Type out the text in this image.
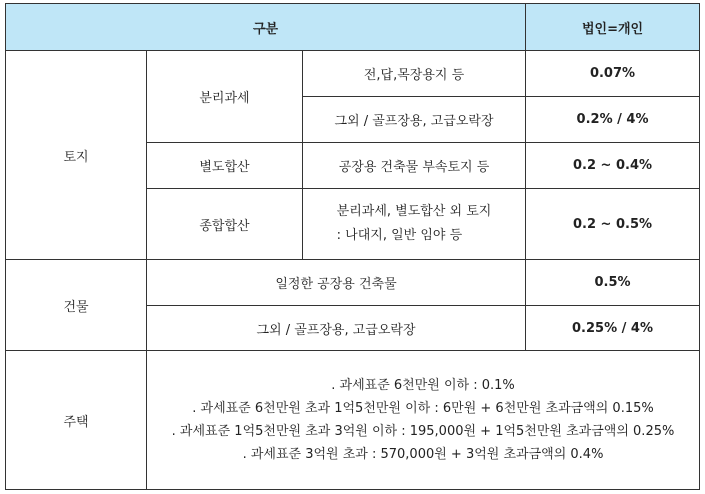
구분			법인=개인
토지	분리과세	전,답,목장용지 등	0.07%
		그외 / 골프장용, 고급오락장	0.2% / 4%
	별도합산	공장용 건축물 부속토지 등	0.2 ~ 0.4%
	종합합산	분리과세, 별도합산 외 토지
: 나대지, 일반 임야 등	0.2 ~ 0.5%

건물	일정한 공장용 건축물		0.5%
	그외 / 골프장용, 고급오락장		0.25% / 4%
주택	. 과세표준 6천만원 이하 : 0.1%
. 과세표준 6천만원 초과 1억5천만원 이하 : 6만원 + 6천만원 초과금액의 0.15%
. 과세표준 1억5천만원 초과 3억원 이하 : 195,000원 + 1억5천만원 초과금액의 0.25%
. 과세표준 3억원 초과 : 570,000원 + 3억원 초과금액의 0.4%		
